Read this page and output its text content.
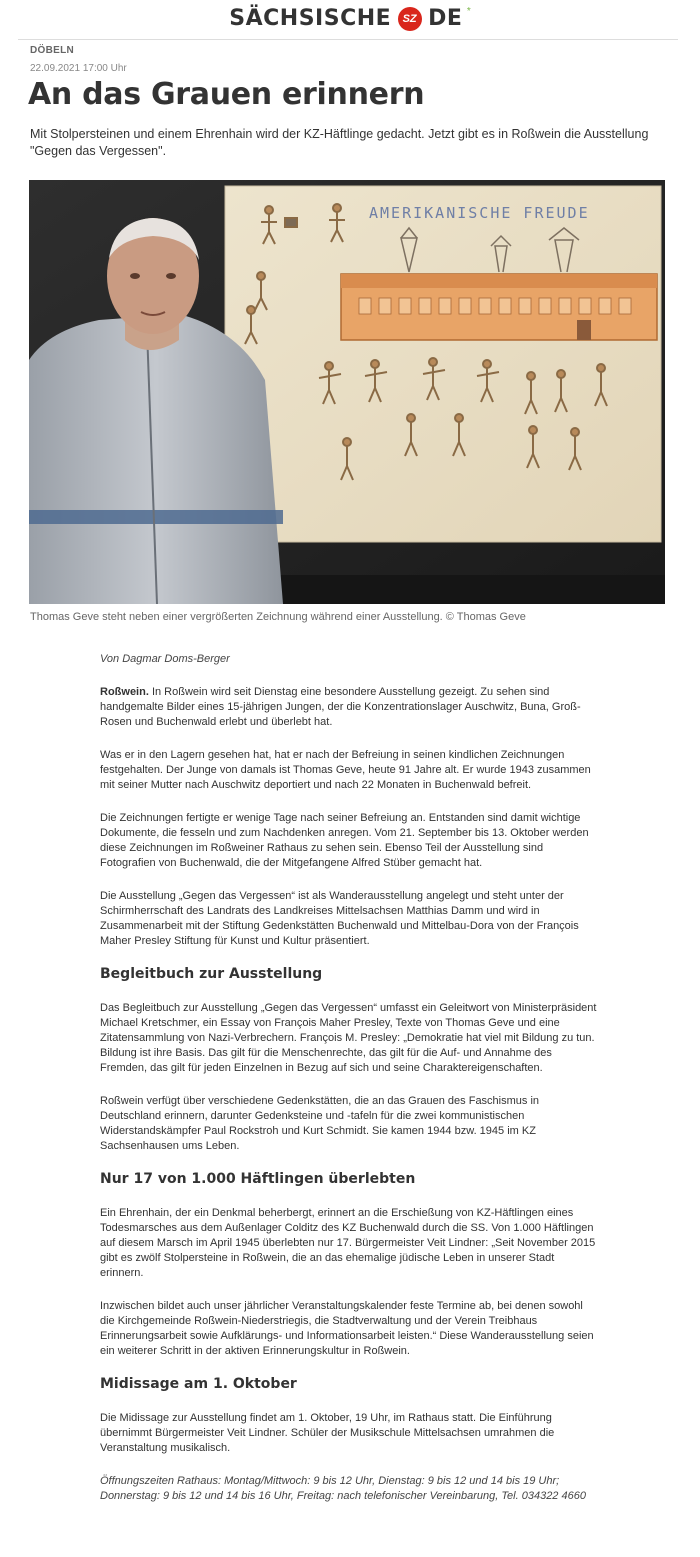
SÄCHSISCHE SZ DE *
DÖBELN
22.09.2021 17:00 Uhr
An das Grauen erinnern
Mit Stolpersteinen und einem Ehrenhain wird der KZ-Häftlinge gedacht. Jetzt gibt es in Roßwein die Ausstellung "Gegen das Vergessen".
AMERIKANISCHE FREUDE
Thomas Geve steht neben einer vergrößerten Zeichnung während einer Ausstellung. © Thomas Geve

Von Dagmar Doms-Berger

Roßwein. In Roßwein wird seit Dienstag eine besondere Ausstellung gezeigt. Zu sehen sind handgemalte Bilder eines 15-jährigen Jungen, der die Konzentrationslager Auschwitz, Buna, Groß-Rosen und Buchenwald erlebt und überlebt hat.

Was er in den Lagern gesehen hat, hat er nach der Befreiung in seinen kindlichen Zeichnungen festgehalten. Der Junge von damals ist Thomas Geve, heute 91 Jahre alt. Er wurde 1943 zusammen mit seiner Mutter nach Auschwitz deportiert und nach 22 Monaten in Buchenwald befreit.

Die Zeichnungen fertigte er wenige Tage nach seiner Befreiung an. Entstanden sind damit wichtige Dokumente, die fesseln und zum Nachdenken anregen. Vom 21. September bis 13. Oktober werden diese Zeichnungen im Roßweiner Rathaus zu sehen sein. Ebenso Teil der Ausstellung sind Fotografien von Buchenwald, die der Mitgefangene Alfred Stüber gemacht hat.

Die Ausstellung „Gegen das Vergessen“ ist als Wanderausstellung angelegt und steht unter der Schirmherrschaft des Landrats des Landkreises Mittelsachsen Matthias Damm und wird in Zusammenarbeit mit der Stiftung Gedenkstätten Buchenwald und Mittelbau-Dora von der François Maher Presley Stiftung für Kunst und Kultur präsentiert.

Begleitbuch zur Ausstellung

Das Begleitbuch zur Ausstellung „Gegen das Vergessen“ umfasst ein Geleitwort von Ministerpräsident Michael Kretschmer, ein Essay von François Maher Presley, Texte von Thomas Geve und eine Zitatensammlung von Nazi-Verbrechern. François M. Presley: „Demokratie hat viel mit Bildung zu tun. Bildung ist ihre Basis. Das gilt für die Menschenrechte, das gilt für die Auf- und Annahme des Fremden, das gilt für jeden Einzelnen in Bezug auf sich und seine Charaktereigenschaften.

Roßwein verfügt über verschiedene Gedenkstätten, die an das Grauen des Faschismus in Deutschland erinnern, darunter Gedenksteine und -tafeln für die zwei kommunistischen Widerstandskämpfer Paul Rockstroh und Kurt Schmidt. Sie kamen 1944 bzw. 1945 im KZ Sachsenhausen ums Leben.

Nur 17 von 1.000 Häftlingen überlebten

Ein Ehrenhain, der ein Denkmal beherbergt, erinnert an die Erschießung von KZ-Häftlingen eines Todesmarsches aus dem Außenlager Colditz des KZ Buchenwald durch die SS. Von 1.000 Häftlingen auf diesem Marsch im April 1945 überlebten nur 17. Bürgermeister Veit Lindner: „Seit November 2015 gibt es zwölf Stolpersteine in Roßwein, die an das ehemalige jüdische Leben in unserer Stadt erinnern.

Inzwischen bildet auch unser jährlicher Veranstaltungskalender feste Termine ab, bei denen sowohl die Kirchgemeinde Roßwein-Niederstriegis, die Stadtverwaltung und der Verein Treibhaus Erinnerungsarbeit sowie Aufklärungs- und Informationsarbeit leisten.“ Diese Wanderausstellung seien ein weiterer Schritt in der aktiven Erinnerungskultur in Roßwein.

Midissage am 1. Oktober

Die Midissage zur Ausstellung findet am 1. Oktober, 19 Uhr, im Rathaus statt. Die Einführung übernimmt Bürgermeister Veit Lindner. Schüler der Musikschule Mittelsachsen umrahmen die Veranstaltung musikalisch.

Öffnungszeiten Rathaus: Montag/Mittwoch: 9 bis 12 Uhr, Dienstag: 9 bis 12 und 14 bis 19 Uhr; Donnerstag: 9 bis 12 und 14 bis 16 Uhr, Freitag: nach telefonischer Vereinbarung, Tel. 034322 4660
